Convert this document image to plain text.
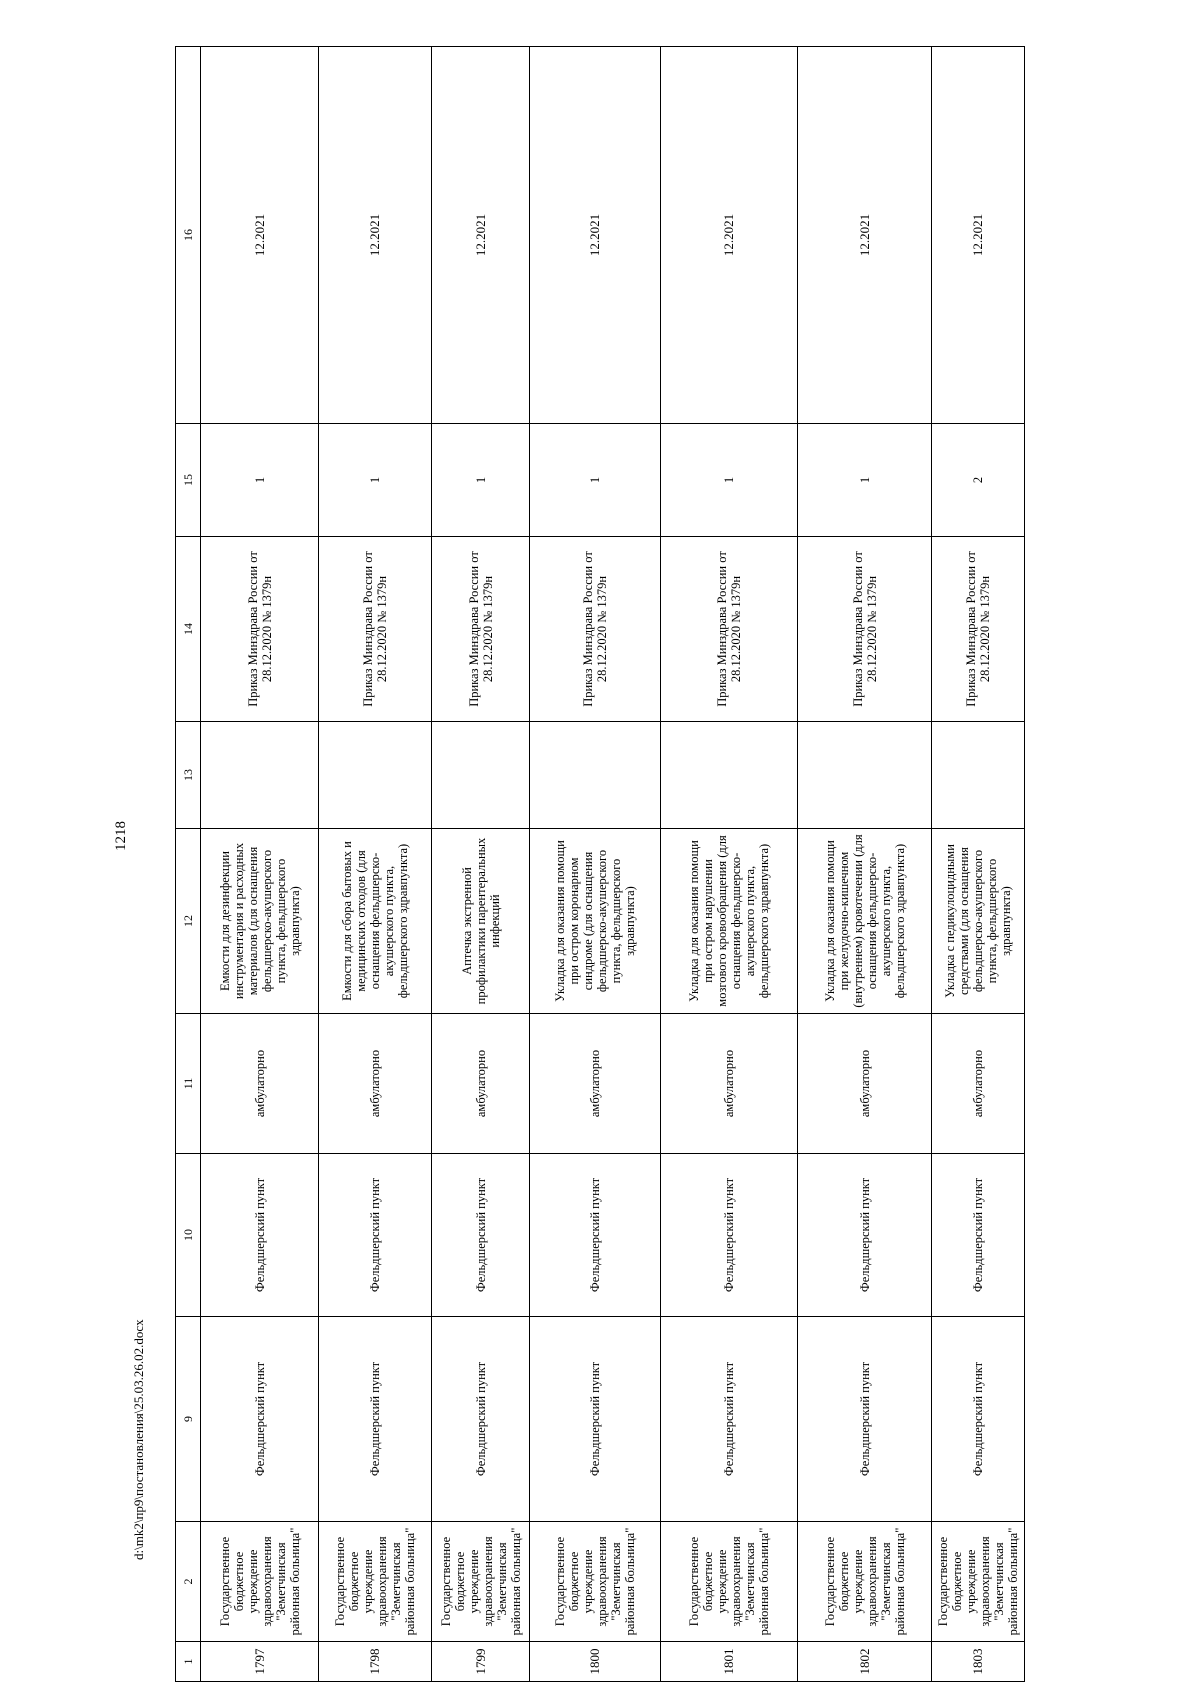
1218
1	2	9	10	11	12	13	14	15	16
1797	Государственное бюджетное учреждение здравоохранения "Земетчинская районная больница"	Фельдшерский пункт	Фельдшерский пункт	амбулаторно	Емкости для дезинфекции инструментария и расходных материалов (для оснащения фельдшерско-акушерского пункта, фельдшерского здравпункта)		Приказ Минздрава России от 28.12.2020 № 1379н	1	12.2021
1798	Государственное бюджетное учреждение здравоохранения "Земетчинская районная больница"	Фельдшерский пункт	Фельдшерский пункт	амбулаторно	Емкости для сбора бытовых и медицинских отходов (для оснащения фельдшерско-акушерского пункта, фельдшерского здравпункта)		Приказ Минздрава России от 28.12.2020 № 1379н	1	12.2021
1799	Государственное бюджетное учреждение здравоохранения "Земетчинская районная больница"	Фельдшерский пункт	Фельдшерский пункт	амбулаторно	Аптечка экстренной профилактики парентеральных инфекций		Приказ Минздрава России от 28.12.2020 № 1379н	1	12.2021
1800	Государственное бюджетное учреждение здравоохранения "Земетчинская районная больница"	Фельдшерский пункт	Фельдшерский пункт	амбулаторно	Укладка для оказания помощи при остром коронарном синдроме (для оснащения фельдшерско-акушерского пункта, фельдшерского здравпункта)		Приказ Минздрава России от 28.12.2020 № 1379н	1	12.2021
1801	Государственное бюджетное учреждение здравоохранения "Земетчинская районная больница"	Фельдшерский пункт	Фельдшерский пункт	амбулаторно	Укладка для оказания помощи при остром нарушении мозгового кровообращения (для оснащения фельдшерско-акушерского пункта, фельдшерского здравпункта)		Приказ Минздрава России от 28.12.2020 № 1379н	1	12.2021
1802	Государственное бюджетное учреждение здравоохранения "Земетчинская районная больница"	Фельдшерский пункт	Фельдшерский пункт	амбулаторно	Укладка для оказания помощи при желудочно-кишечном (внутреннем) кровотечении (для оснащения фельдшерско-акушерского пункта, фельдшерского здравпункта)		Приказ Минздрава России от 28.12.2020 № 1379н	1	12.2021
1803	Государственное бюджетное учреждение здравоохранения "Земетчинская районная больница"	Фельдшерский пункт	Фельдшерский пункт	амбулаторно	Укладка с педикулоцидными средствами (для оснащения фельдшерско-акушерского пункта, фельдшерского здравпункта)		Приказ Минздрава России от 28.12.2020 № 1379н	2	12.2021
d:\mk2\пр9\постановления\25.03.26.02.docx
